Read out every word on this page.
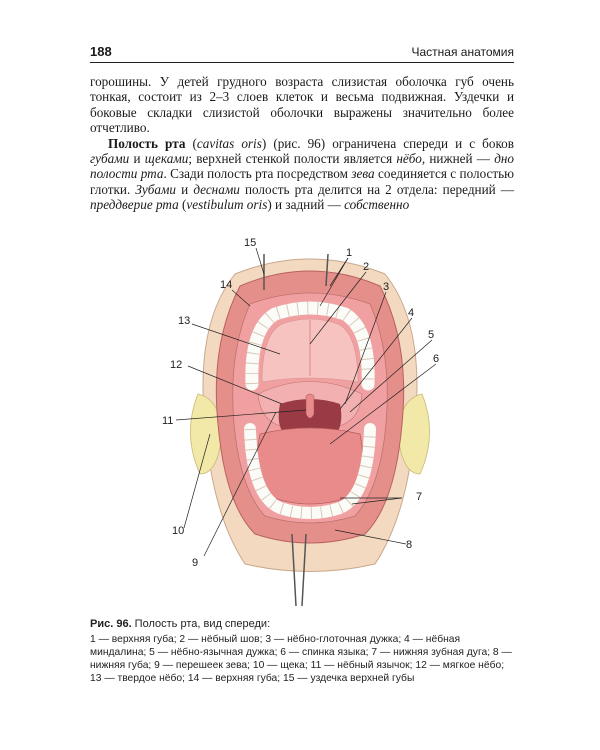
188	Частная анатомия

горошины. У детей грудного возраста слизистая оболочка губ очень тонкая, состоит из 2–3 слоев клеток и весьма подвижная. Уздечки и боковые складки слизистой оболочки выражены значительно более отчетливо.

Полость рта (cavitas oris) (рис. 96) ограничена спереди и с боков губами и щеками; верхней стенкой полости является нёбо, нижней — дно полости рта. Сзади полость рта посредством зева соединяется с полостью глотки. Зубами и деснами полость рта делится на 2 отдела: передний — преддверие рта (vestibulum oris) и задний — собственно

15
1
2
3
4
5
6
7
8
9
10
11
12
13
14
Рис. 96. Полость рта, вид спереди:
1 — верхняя губа; 2 — нёбный шов; 3 — нёбно-глоточная дужка; 4 — нёбная миндалина; 5 — нёбно-язычная дужка; 6 — спинка языка; 7 — нижняя зубная дуга; 8 — нижняя губа; 9 — перешеек зева; 10 — щека; 11 — нёбный язычок; 12 — мягкое нёбо; 13 — твердое нёбо; 14 — верхняя губа; 15 — уздечка верхней губы
